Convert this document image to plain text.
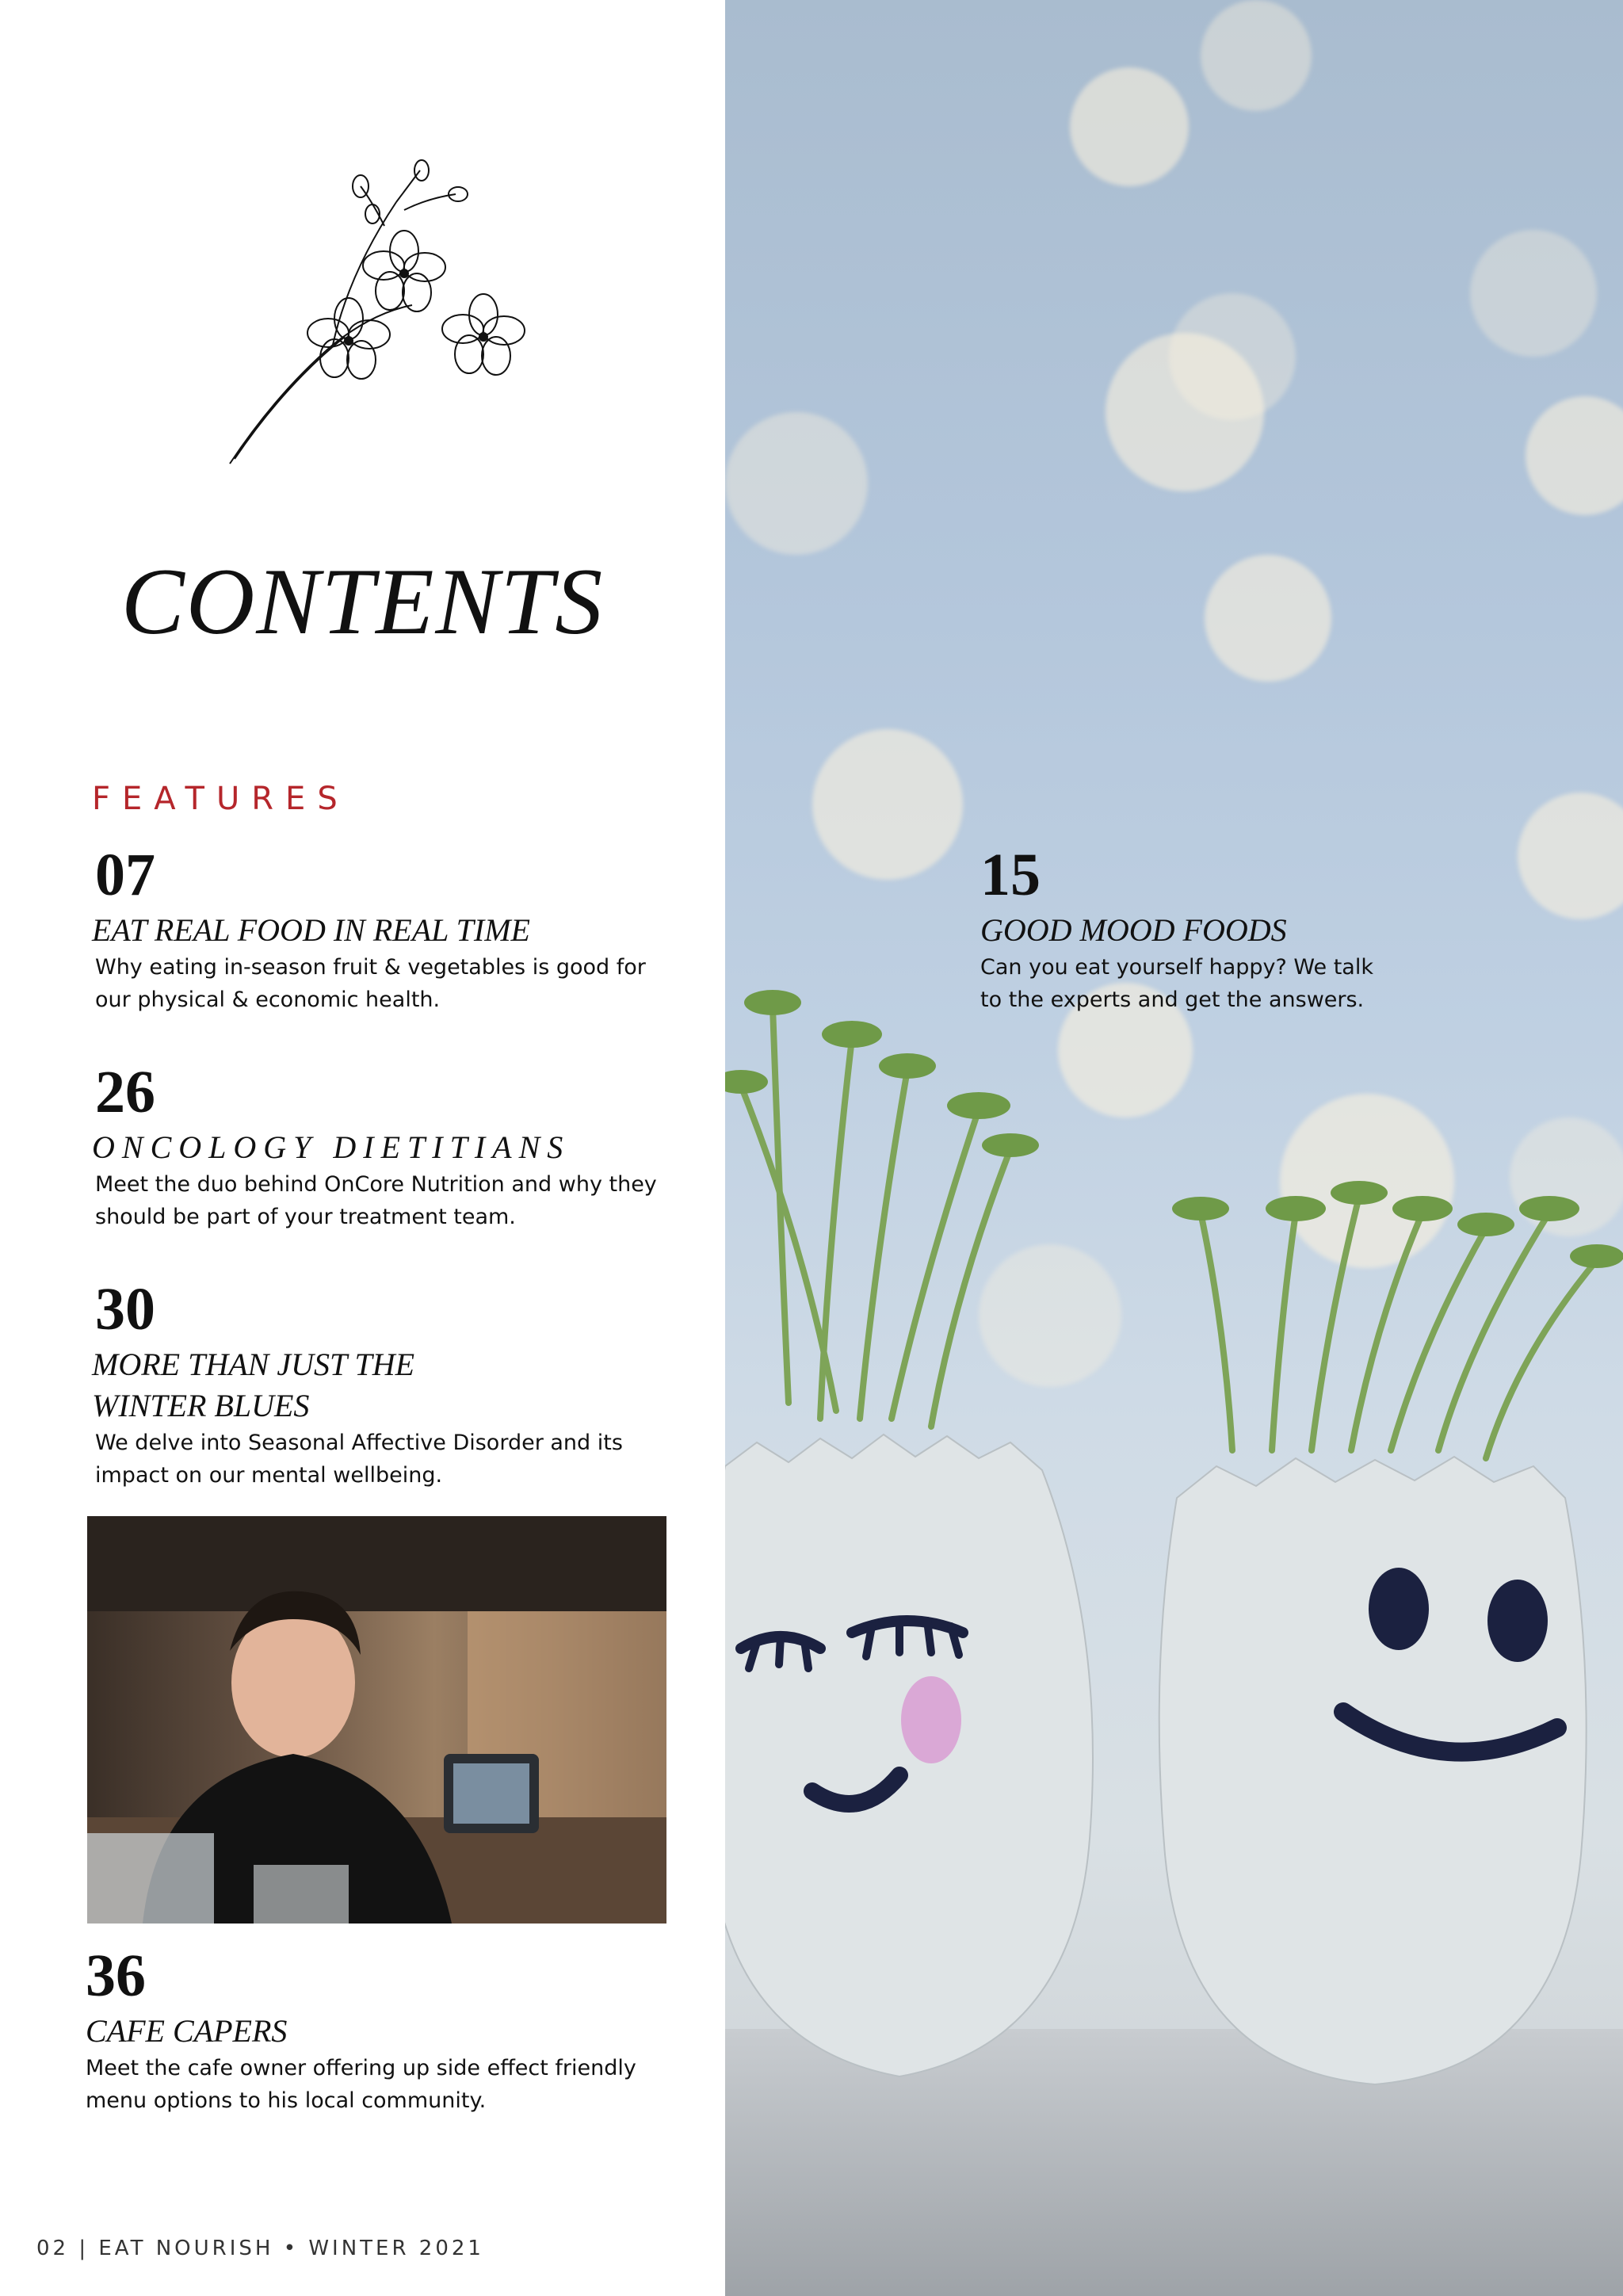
CONTENTS
FEATURES
07
EAT REAL FOOD IN REAL TIME
Why eating in-season fruit & vegetables is good for
our physical & economic health.
26
ONCOLOGY DIETITIANS
Meet the duo behind OnCore Nutrition and why they
should be part of your treatment team.
30
MORE THAN JUST THE
WINTER BLUES
We delve into Seasonal Affective Disorder and its
impact on our mental wellbeing.
36
CAFE CAPERS
Meet the cafe owner offering up side effect friendly
menu options to his local community.
02 | EAT NOURISH • WINTER 2021
15
GOOD MOOD FOODS
Can you eat yourself happy? We talk
to the experts and get the answers.
